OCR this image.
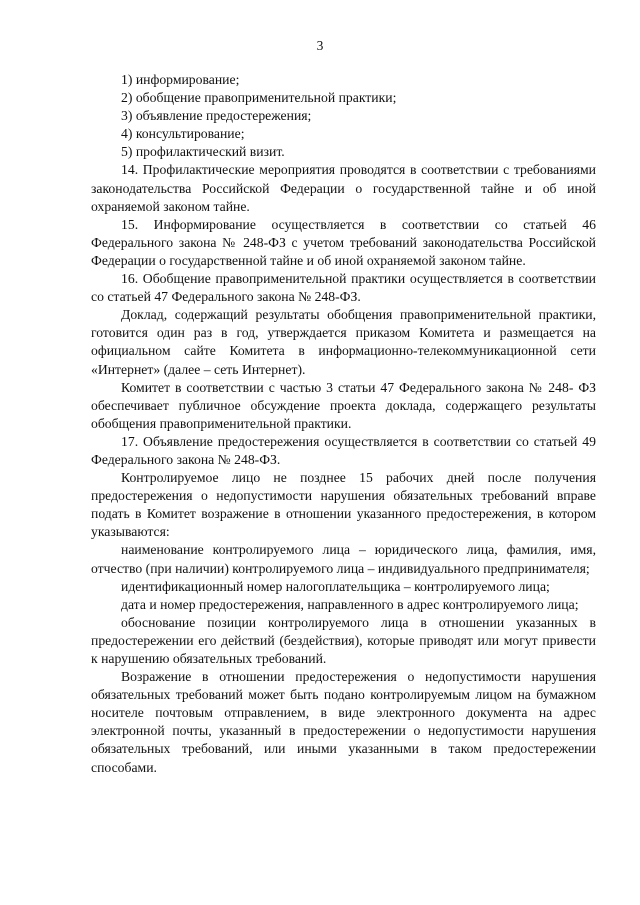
3

1) информирование;

2) обобщение правоприменительной практики;

3) объявление предостережения;

4) консультирование;

5) профилактический визит.

14. Профилактические мероприятия проводятся в соответствии с требованиями законодательства Российской Федерации о государственной тайне и об иной охраняемой законом тайне.

15. Информирование осуществляется в соответствии со статьей 46 Федерального закона № 248-ФЗ с учетом требований законодательства Российской Федерации о государственной тайне и об иной охраняемой законом тайне.

16. Обобщение правоприменительной практики осуществляется в соответствии со статьей 47 Федерального закона № 248-ФЗ.

Доклад, содержащий результаты обобщения правоприменительной практики, готовится один раз в год, утверждается приказом Комитета и размещается на официальном сайте Комитета в информационно-телекоммуникационной сети «Интернет» (далее – сеть Интернет).

Комитет в соответствии с частью 3 статьи 47 Федерального закона № 248- ФЗ обеспечивает публичное обсуждение проекта доклада, содержащего результаты обобщения правоприменительной практики.

17. Объявление предостережения осуществляется в соответствии со статьей 49 Федерального закона № 248-ФЗ.

Контролируемое лицо не позднее 15 рабочих дней после получения предостережения о недопустимости нарушения обязательных требований вправе подать в Комитет возражение в отношении указанного предостережения, в котором указываются:

наименование контролируемого лица – юридического лица, фамилия, имя, отчество (при наличии) контролируемого лица – индивидуального предпринимателя;

идентификационный номер налогоплательщика – контролируемого лица;

дата и номер предостережения, направленного в адрес контролируемого лица;

обоснование позиции контролируемого лица в отношении указанных в предостережении его действий (бездействия), которые приводят или могут привести к нарушению обязательных требований.

Возражение в отношении предостережения о недопустимости нарушения обязательных требований может быть подано контролируемым лицом на бумажном носителе почтовым отправлением, в виде электронного документа на адрес электронной почты, указанный в предостережении о недопустимости нарушения обязательных требований, или иными указанными в таком предостережении способами.
